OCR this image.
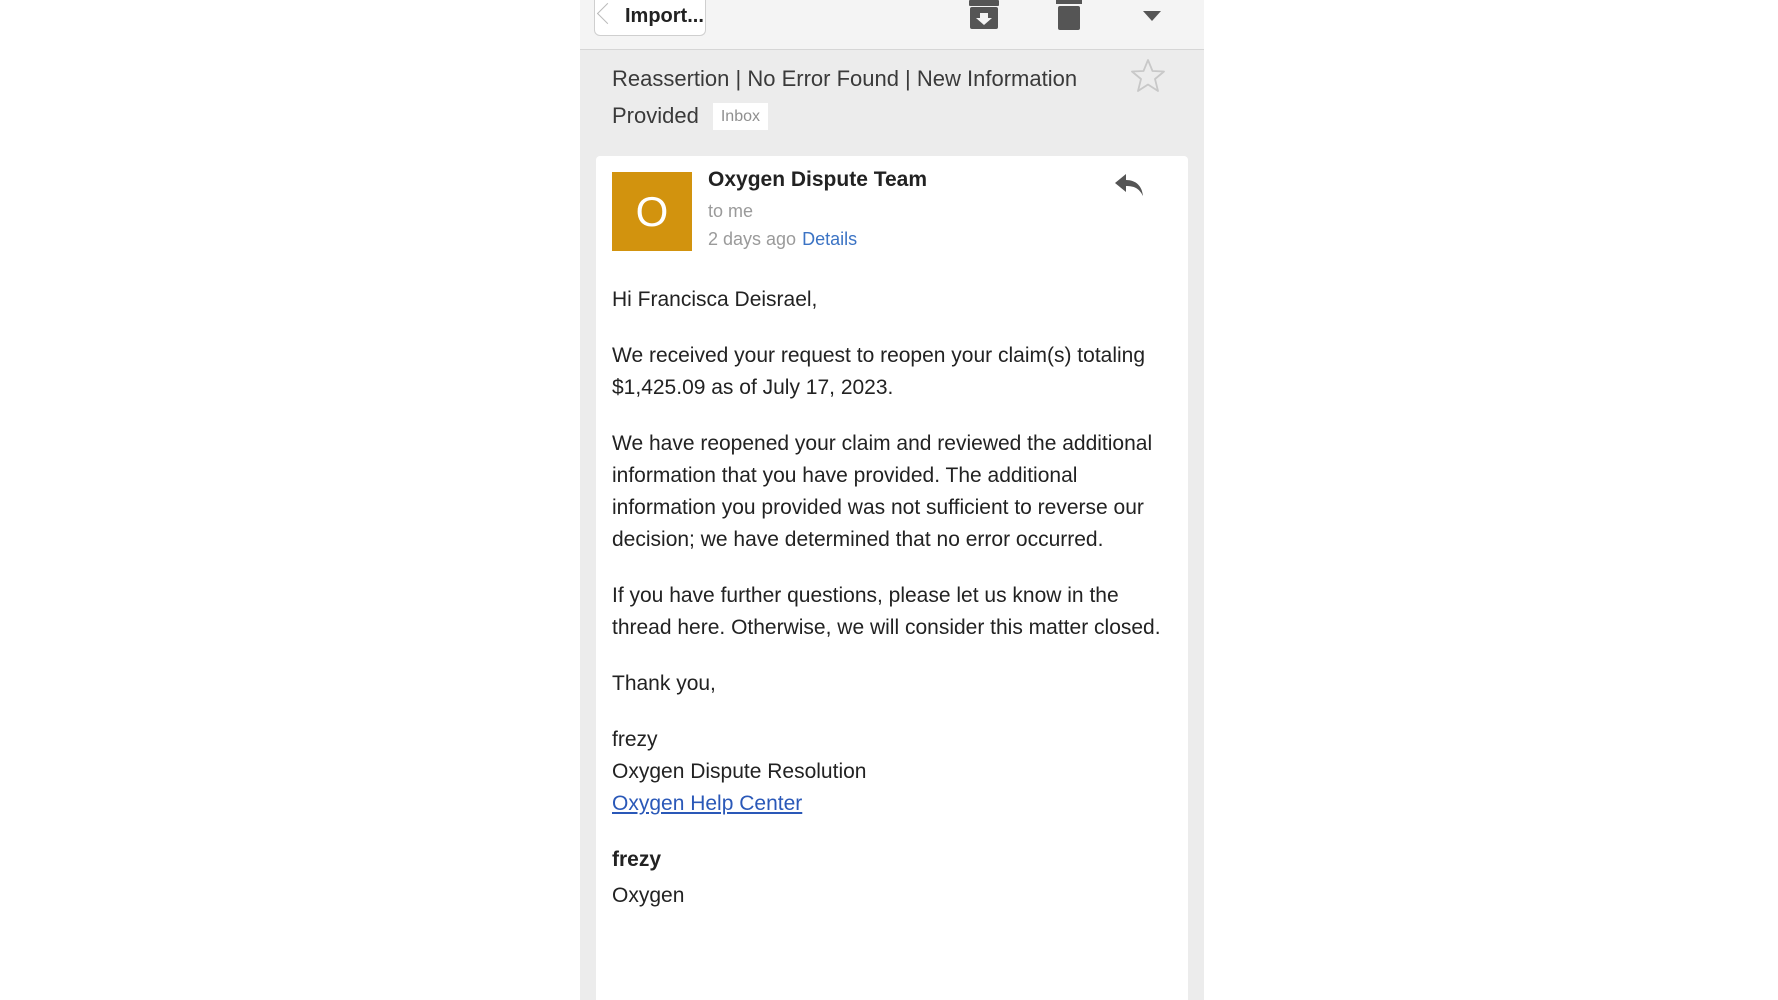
Import...
Reassertion | No Error Found | New Information Provided Inbox
O
Oxygen Dispute Team
to me
2 days ago Details

Hi Francisca Deisrael,

We received your request to reopen your claim(s) totaling $1,425.09 as of July 17, 2023.

We have reopened your claim and reviewed the additional information that you have provided. The additional information you provided was not sufficient to reverse our decision; we have determined that no error occurred.

If you have further questions, please let us know in the thread here. Otherwise, we will consider this matter closed.

Thank you,

frezy
Oxygen Dispute Resolution
Oxygen Help Center

frezy
Oxygen
